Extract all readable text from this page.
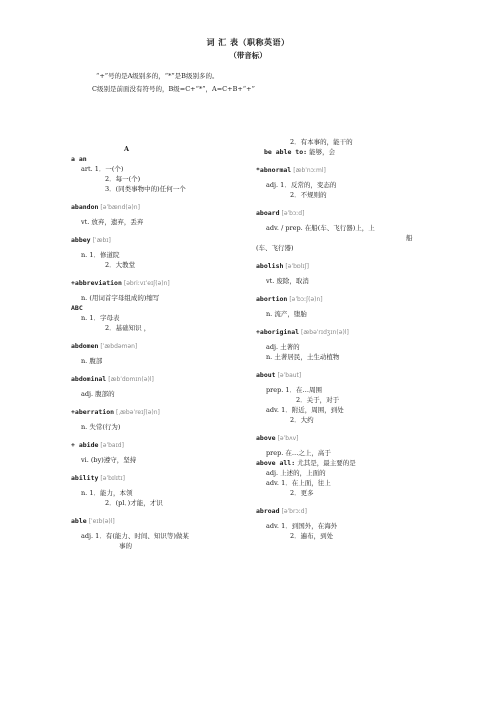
词 汇 表（职称英语）
（带音标）
“+”号的是A级别多的，“*”是B级别多的。
C级别是前面没有符号的，B级=C+“*”，A=C+B+“+”
A
a an
art. 1．一(个)
2．每一(个)
3．(同类事物中的)任何一个
abandon [əˈbænd(ə)n]
vt. 放弃，遗弃，丢弃
abbey [ˈæbɪ]
n. 1．修道院
2．大教堂
+abbreviation [əbriːvɪˈeɪʃ(ə)n]
n. (用词首字母组成的)缩写
ABC
n. 1．字母表
2．基础知识 ，
abdomen [ˈæbdəmən]
n. 腹部
abdominal [æbˈdɒmɪn(ə)l]
adj. 腹部的
+aberration [ˌæbəˈreɪʃ(ə)n]
n. 失常(行为)
+ abide [əˈbaɪd]
vi. (by)遵守，坚持
ability [əˈbɪlɪtɪ]
n. 1．能力，本领
2．(pl．)才能，才识
able [ˈeɪb(ə)l]
adj. 1．有(能力、时间、知识等)做某
事的
2．有本事的，能干的
be able to: 能够，会
*abnormal [æbˈnɔːml]
adj. 1．反常的，变态的
2．不规则的
aboard [əˈbɔːd]
adv. / prep. 在船(车、飞行器)上，上
船
(车、飞行器)
abolish [əˈbɒlɪʃ]
vt. 废除，取消
abortion [əˈbɔːʃ(ə)n]
n. 流产，堕胎
+aboriginal [æbəˈrɪdʒɪn(ə)l]
adj. 土著的
n. 土著居民，土生动植物
about [əˈbaut]
prep. 1．在…周围
2．关于，对于
adv. 1．附近，周围，到处
2．大约
above [əˈbʌv]
prep. 在…之上，高于
above all: 尤其是，最主要的是
adj. 上述的，上面的
adv. 1．在上面，往上
2．更多
abroad [əˈbrɔːd]
adv. 1．到国外，在海外
2．遍布，到处
